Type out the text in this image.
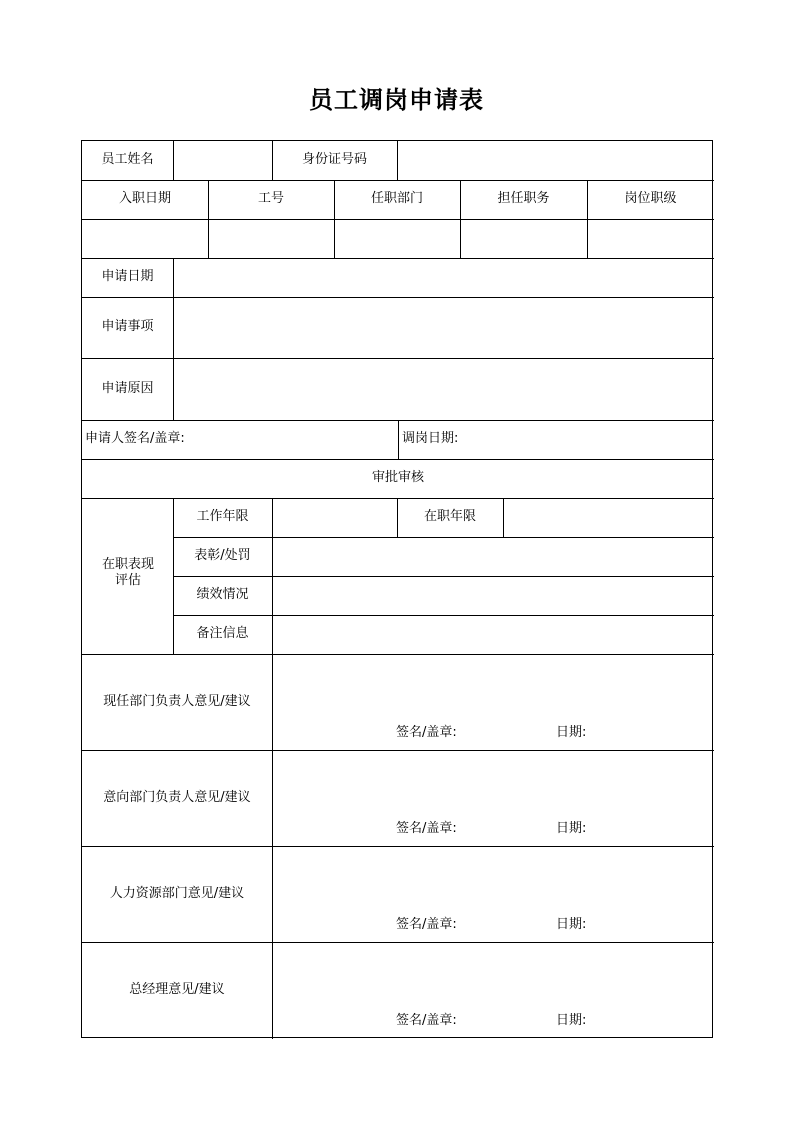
员工调岗申请表
员工姓名	身份证号码
入职日期	工号	任职部门	担任职务	岗位职级
申请日期
申请事项
申请原因
申请人签名/盖章:	调岗日期:
审批审核
在职表现评估
工作年限	在职年限
表彰/处罚
绩效情况
备注信息
现任部门负责人意见/建议
签名/盖章:	日期:
意向部门负责人意见/建议
签名/盖章:	日期:
人力资源部门意见/建议
签名/盖章:	日期:
总经理意见/建议
签名/盖章:	日期:
